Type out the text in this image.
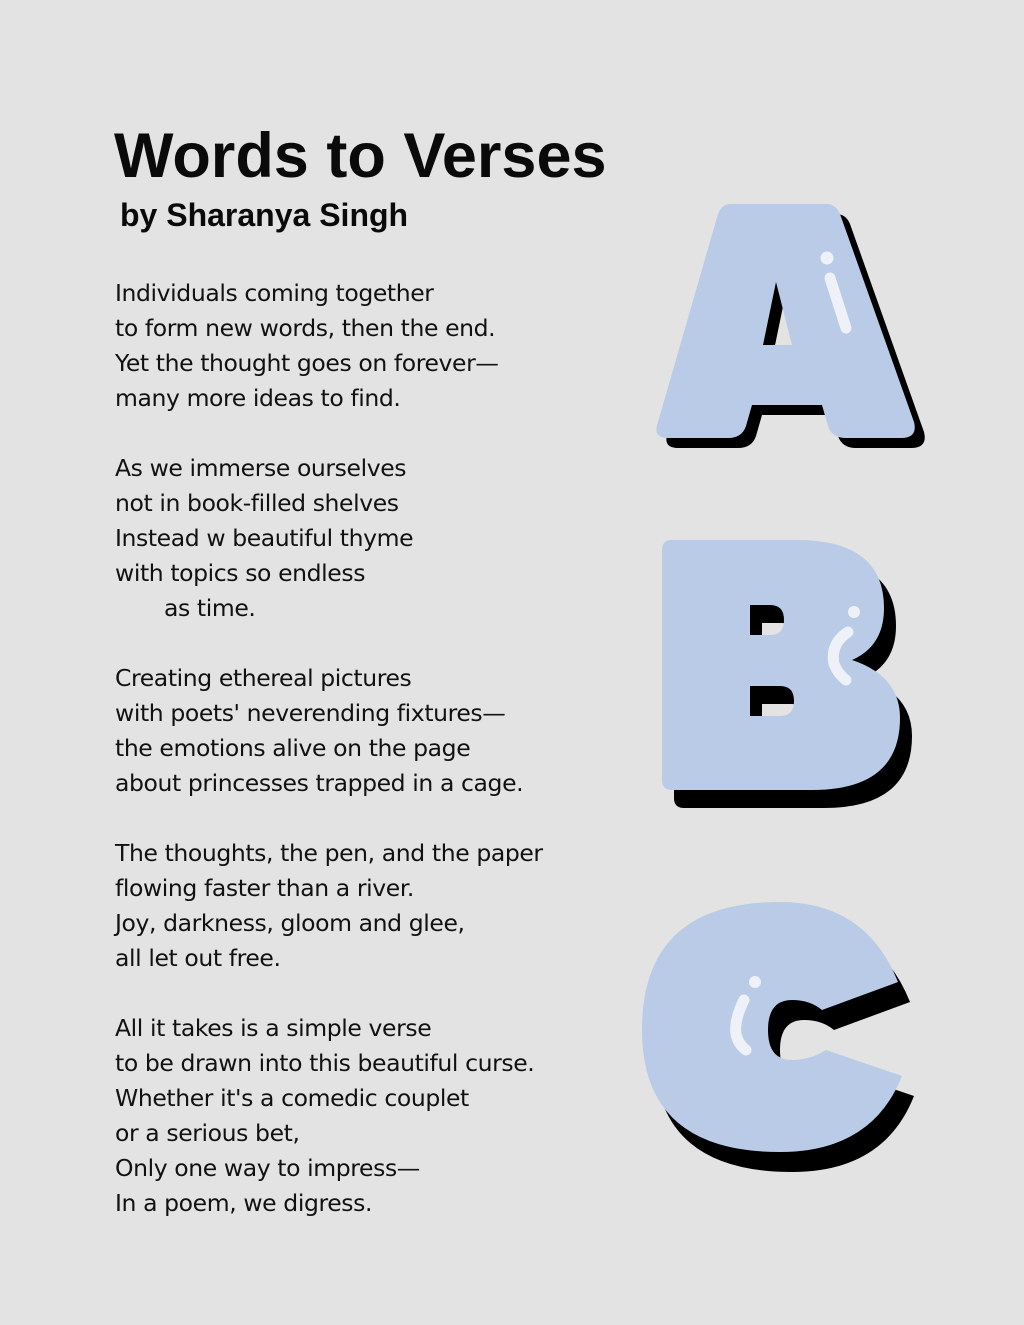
Words to Verses
by Sharanya Singh
Individuals coming together
to form new words, then the end.
Yet the thought goes on forever—
many more ideas to find.
As we immerse ourselves
not in book-filled shelves
Instead w beautiful thyme
with topics so endless
as time.
Creating ethereal pictures
with poets' neverending fixtures—
the emotions alive on the page
about princesses trapped in a cage.
The thoughts, the pen, and the paper
flowing faster than a river.
Joy, darkness, gloom and glee,
all let out free.
All it takes is a simple verse
to be drawn into this beautiful curse.
Whether it's a comedic couplet
or a serious bet,
Only one way to impress—
In a poem, we digress.
